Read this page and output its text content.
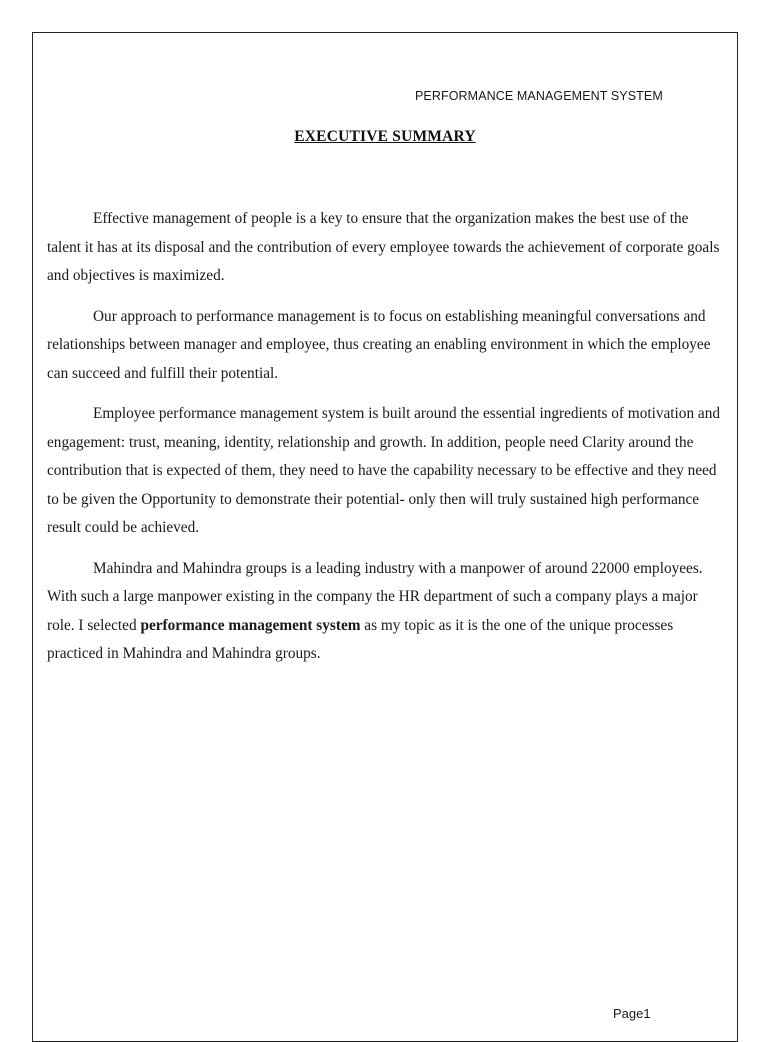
PERFORMANCE MANAGEMENT SYSTEM
EXECUTIVE SUMMARY

Effective management of people is a key to ensure that the organization makes the best use of the talent it has at its disposal and the contribution of every employee towards the achievement of corporate goals and objectives is maximized.

Our approach to performance management is to focus on establishing meaningful conversations and relationships between manager and employee, thus creating an enabling environment in which the employee can succeed and fulfill their potential.

Employee performance management system is built around the essential ingredients of motivation and engagement: trust, meaning, identity, relationship and growth. In addition, people need Clarity around the contribution that is expected of them, they need to have the capability necessary to be effective and they need to be given the Opportunity to demonstrate their potential- only then will truly sustained high performance result could be achieved.

Mahindra and Mahindra groups is a leading industry with a manpower of around 22000 employees. With such a large manpower existing in the company the HR department of such a company plays a major role. I selected performance management system as my topic as it is the one of the unique processes practiced in Mahindra and Mahindra groups.

Page1
